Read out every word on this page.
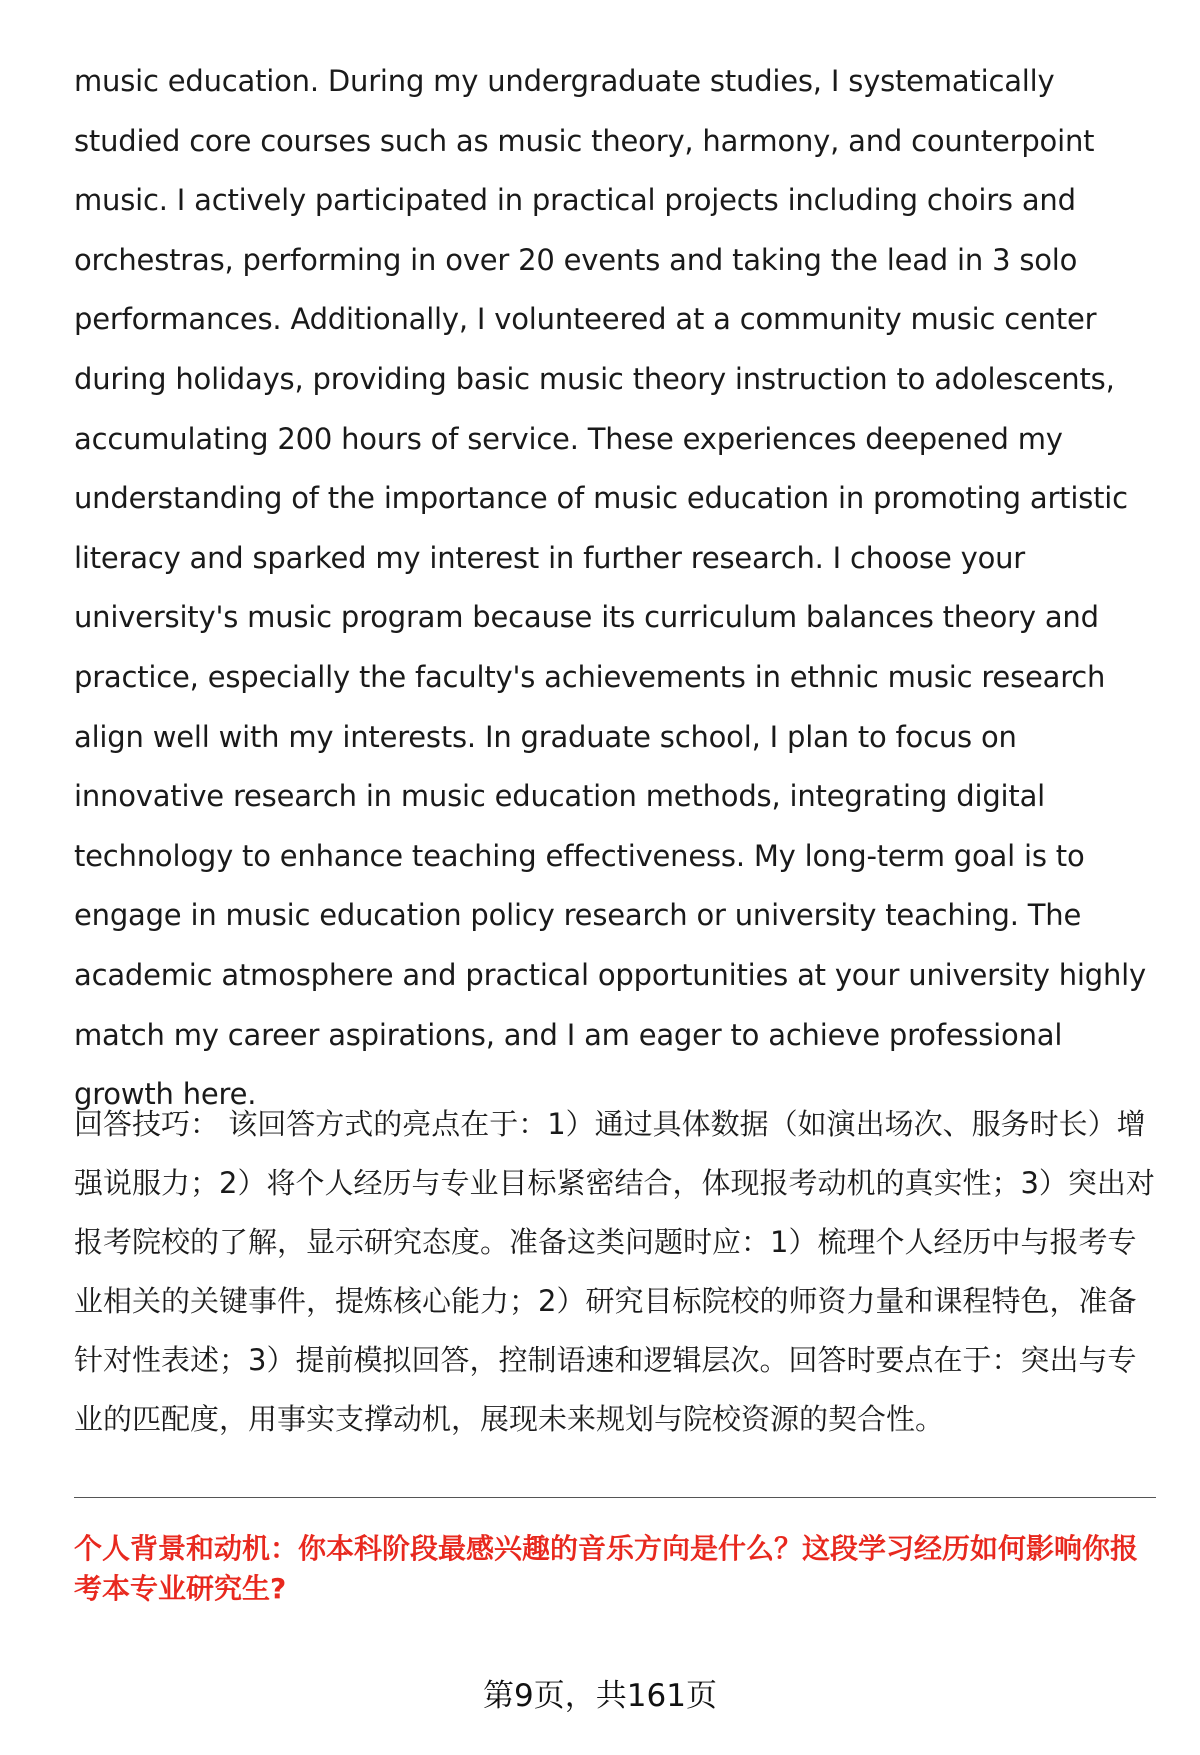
music education. During my undergraduate studies, I systematically studied core courses such as music theory, harmony, and counterpoint music. I actively participated in practical projects including choirs and orchestras, performing in over 20 events and taking the lead in 3 solo performances. Additionally, I volunteered at a community music center during holidays, providing basic music theory instruction to adolescents, accumulating 200 hours of service. These experiences deepened my understanding of the importance of music education in promoting artistic literacy and sparked my interest in further research. I choose your university's music program because its curriculum balances theory and practice, especially the faculty's achievements in ethnic music research align well with my interests. In graduate school, I plan to focus on innovative research in music education methods, integrating digital technology to enhance teaching effectiveness. My long-term goal is to engage in music education policy research or university teaching. The academic atmosphere and practical opportunities at your university highly match my career aspirations, and I am eager to achieve professional growth here.

回答技巧： 该回答方式的亮点在于：1）通过具体数据（如演出场次、服务时长）增强说服力；2）将个人经历与专业目标紧密结合，体现报考动机的真实性；3）突出对报考院校的了解，显示研究态度。准备这类问题时应：1）梳理个人经历中与报考专业相关的关键事件，提炼核心能力；2）研究目标院校的师资力量和课程特色，准备针对性表述；3）提前模拟回答，控制语速和逻辑层次。回答时要点在于：突出与专业的匹配度，用事实支撑动机，展现未来规划与院校资源的契合性。

个人背景和动机：你本科阶段最感兴趣的音乐方向是什么？这段学习经历如何影响你报考本专业研究生?

第9页，共161页
